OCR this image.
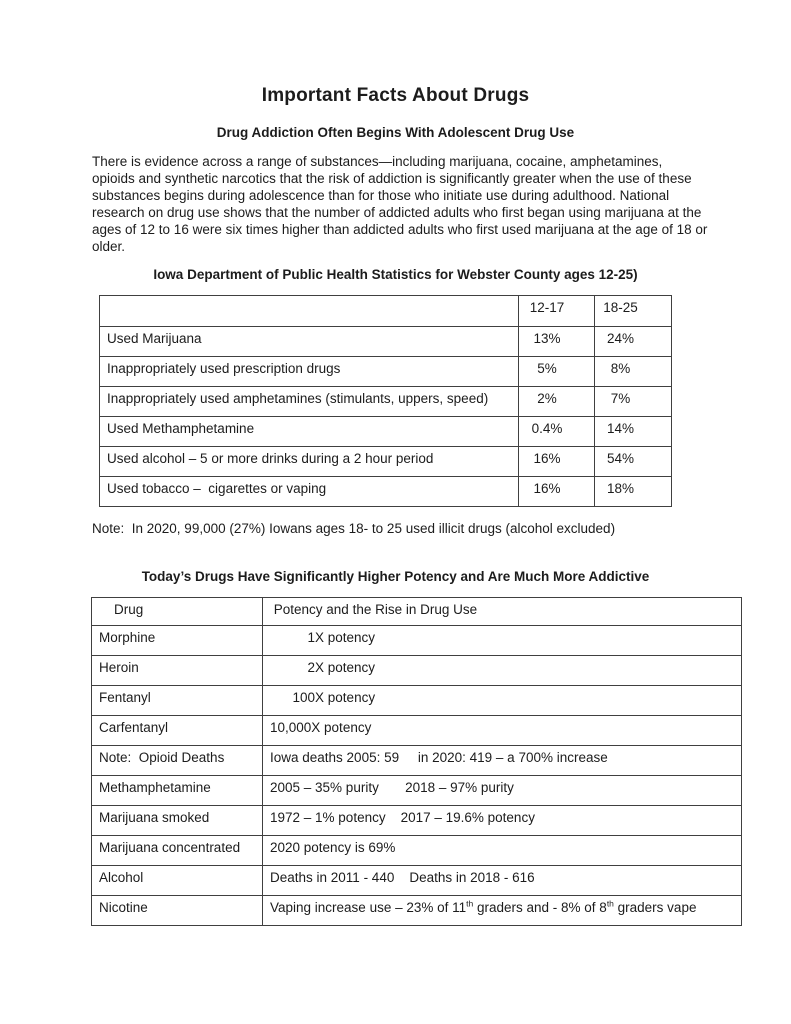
Important Facts About Drugs
Drug Addiction Often Begins With Adolescent Drug Use

There is evidence across a range of substances—including marijuana, cocaine, amphetamines, opioids and synthetic narcotics that the risk of addiction is significantly greater when the use of these substances begins during adolescence than for those who initiate use during adulthood. National research on drug use shows that the number of addicted adults who first began using marijuana at the ages of 12 to 16 were six times higher than addicted adults who first used marijuana at the age of 18 or older.

Iowa Department of Public Health Statistics for Webster County ages 12-25)
	12-17	18-25
Used Marijuana	13%	24%
Inappropriately used prescription drugs	5%	8%
Inappropriately used amphetamines (stimulants, uppers, speed)	2%	7%
Used Methamphetamine	0.4%	14%
Used alcohol – 5 or more drinks during a 2 hour period	16%	54%
Used tobacco –  cigarettes or vaping	16%	18%

Note:  In 2020, 99,000 (27%) Iowans ages 18- to 25 used illicit drugs (alcohol excluded)

Today’s Drugs Have Significantly Higher Potency and Are Much More Addictive
Drug	Potency and the Rise in Drug Use
Morphine	1X potency
Heroin	2X potency
Fentanyl	100X potency
Carfentanyl	10,000X potency
Note:  Opioid Deaths	Iowa deaths 2005: 59     in 2020: 419 – a 700% increase
Methamphetamine	2005 – 35% purity       2018 – 97% purity
Marijuana smoked	1972 – 1% potency    2017 – 19.6% potency
Marijuana concentrated	2020 potency is 69%
Alcohol	Deaths in 2011 - 440    Deaths in 2018 - 616
Nicotine	Vaping increase use – 23% of 11th graders and - 8% of 8th graders vape
